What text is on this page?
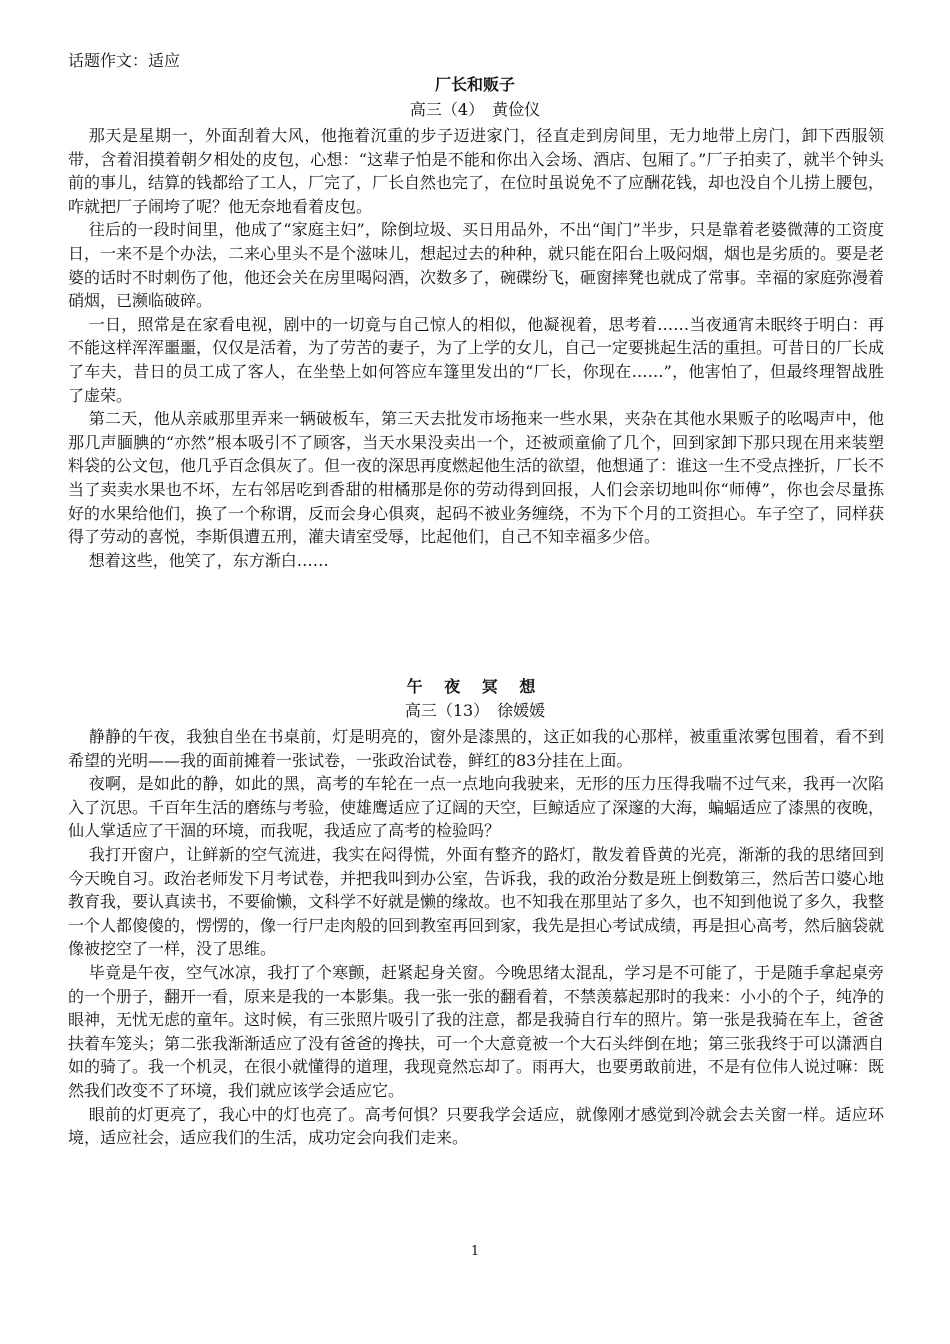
话题作文：适应
厂长和贩子
高三（4）　黄俭仪

那天是星期一，外面刮着大风，他拖着沉重的步子迈进家门，径直走到房间里，无力地带上房门，卸下西服领带，含着泪摸着朝夕相处的皮包，心想：“这辈子怕是不能和你出入会场、酒店、包厢了。”厂子拍卖了，就半个钟头前的事儿，结算的钱都给了工人，厂完了，厂长自然也完了，在位时虽说免不了应酬花钱，却也没自个儿捞上腰包，咋就把厂子闹垮了呢？他无奈地看着皮包。

往后的一段时间里，他成了“家庭主妇”，除倒垃圾、买日用品外，不出“闺门”半步，只是靠着老婆微薄的工资度日，一来不是个办法，二来心里头不是个滋味儿，想起过去的种种，就只能在阳台上吸闷烟，烟也是劣质的。要是老婆的话时不时刺伤了他，他还会关在房里喝闷酒，次数多了，碗碟纷飞，砸窗摔凳也就成了常事。幸福的家庭弥漫着硝烟，已濒临破碎。

一日，照常是在家看电视，剧中的一切竟与自己惊人的相似，他凝视着，思考着……当夜通宵未眠终于明白：再不能这样浑浑噩噩，仅仅是活着，为了劳苦的妻子，为了上学的女儿，自己一定要挑起生活的重担。可昔日的厂长成了车夫，昔日的员工成了客人，在坐垫上如何答应车篷里发出的“厂长，你现在……”，他害怕了，但最终理智战胜了虚荣。

第二天，他从亲戚那里弄来一辆破板车，第三天去批发市场拖来一些水果，夹杂在其他水果贩子的吆喝声中，他那几声腼腆的“亦然”根本吸引不了顾客，当天水果没卖出一个，还被顽童偷了几个，回到家卸下那只现在用来装塑料袋的公文包，他几乎百念俱灰了。但一夜的深思再度燃起他生活的欲望，他想通了：谁这一生不受点挫折，厂长不当了卖卖水果也不坏，左右邻居吃到香甜的柑橘那是你的劳动得到回报，人们会亲切地叫你“师傅”，你也会尽量拣好的水果给他们，换了一个称谓，反而会身心俱爽，起码不被业务缠绕，不为下个月的工资担心。车子空了，同样获得了劳动的喜悦，李斯俱遭五刑，灌夫请室受辱，比起他们，自己不知幸福多少倍。

想着这些，他笑了，东方渐白……

午 夜 冥 想
高三（13）　徐媛媛

静静的午夜，我独自坐在书桌前，灯是明亮的，窗外是漆黑的，这正如我的心那样，被重重浓雾包围着，看不到希望的光明——我的面前摊着一张试卷，一张政治试卷，鲜红的83分挂在上面。

夜啊，是如此的静，如此的黑，高考的车轮在一点一点地向我驶来，无形的压力压得我喘不过气来，我再一次陷入了沉思。千百年生活的磨练与考验，使雄鹰适应了辽阔的天空，巨鲸适应了深邃的大海，蝙蝠适应了漆黑的夜晚，仙人掌适应了干涸的环境，而我呢，我适应了高考的检验吗？

我打开窗户，让鲜新的空气流进，我实在闷得慌，外面有整齐的路灯，散发着昏黄的光亮，渐渐的我的思绪回到今天晚自习。政治老师发下月考试卷，并把我叫到办公室，告诉我，我的政治分数是班上倒数第三，然后苦口婆心地教育我，要认真读书，不要偷懒，文科学不好就是懒的缘故。也不知我在那里站了多久，也不知到他说了多久，我整一个人都傻傻的，愣愣的，像一行尸走肉般的回到教室再回到家，我先是担心考试成绩，再是担心高考，然后脑袋就像被挖空了一样，没了思维。

毕竟是午夜，空气冰凉，我打了个寒颤，赶紧起身关窗。今晚思绪太混乱，学习是不可能了，于是随手拿起桌旁的一个册子，翻开一看，原来是我的一本影集。我一张一张的翻看着，不禁羡慕起那时的我来：小小的个子，纯净的眼神，无忧无虑的童年。这时候，有三张照片吸引了我的注意，都是我骑自行车的照片。第一张是我骑在车上，爸爸扶着车笼头；第二张我渐渐适应了没有爸爸的搀扶，可一个大意竟被一个大石头绊倒在地；第三张我终于可以潇洒自如的骑了。我一个机灵，在很小就懂得的道理，我现竟然忘却了。雨再大，也要勇敢前进，不是有位伟人说过嘛：既然我们改变不了环境，我们就应该学会适应它。

眼前的灯更亮了，我心中的灯也亮了。高考何惧？只要我学会适应，就像刚才感觉到冷就会去关窗一样。适应环境，适应社会，适应我们的生活，成功定会向我们走来。

1
